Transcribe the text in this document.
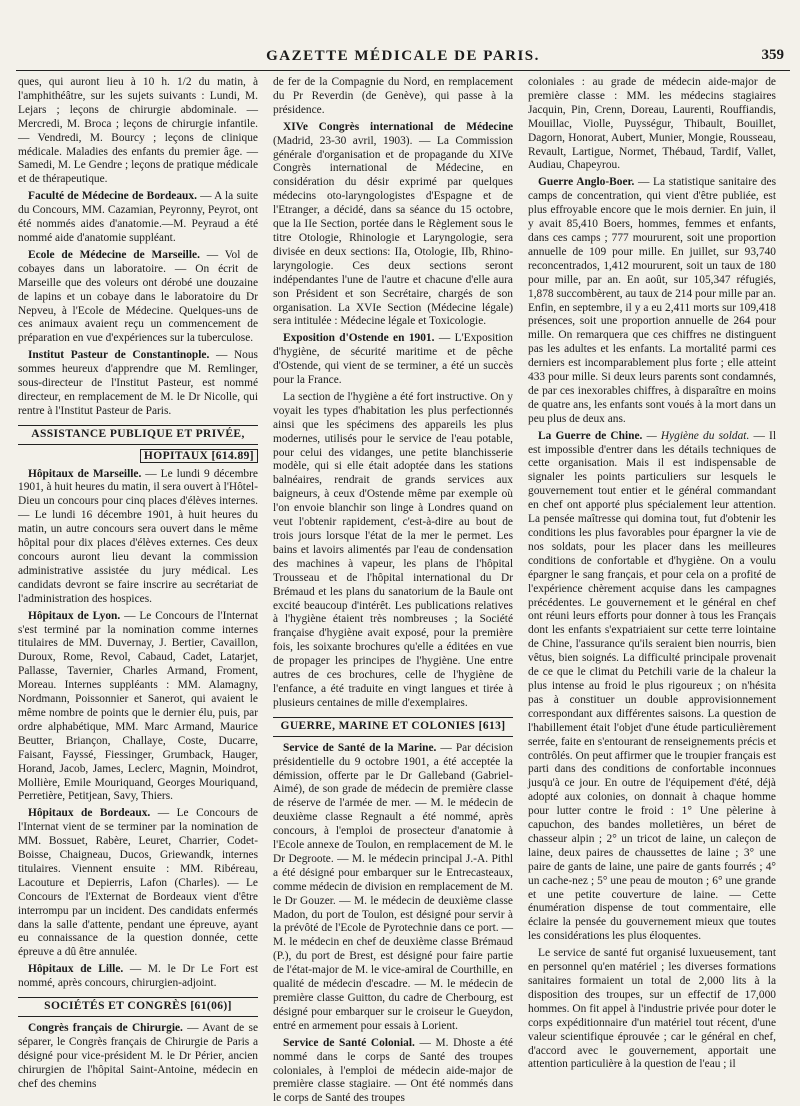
GAZETTE MÉDICALE DE PARIS.	359

ques, qui auront lieu à 10 h. 1/2 du matin, à l'amphithéâtre, sur les sujets suivants : Lundi, M. Lejars ; leçons de chirurgie abdominale. — Mercredi, M. Broca ; leçons de chirurgie infantile. — Vendredi, M. Bourcy ; leçons de clinique médicale. Maladies des enfants du premier âge. — Samedi, M. Le Gendre ; leçons de pratique médicale et de thérapeutique.

Faculté de Médecine de Bordeaux. — A la suite du Concours, MM. Cazamian, Peyronny, Peyrot, ont été nommés aides d'anatomie.—M. Peyraud a été nommé aide d'anatomie suppléant.

Ecole de Médecine de Marseille. — Vol de cobayes dans un laboratoire. — On écrit de Marseille que des voleurs ont dérobé une douzaine de lapins et un cobaye dans le laboratoire du Dr Nepveu, à l'Ecole de Médecine. Quelques-uns de ces animaux avaient reçu un commencement de préparation en vue d'expériences sur la tuberculose.

Institut Pasteur de Constantinople. — Nous sommes heureux d'apprendre que M. Remlinger, sous-directeur de l'Institut Pasteur, est nommé directeur, en remplacement de M. le Dr Nicolle, qui rentre à l'Institut Pasteur de Paris.

ASSISTANCE PUBLIQUE ET PRIVÉE,
HOPITAUX [614.89]

Hôpitaux de Marseille. — Le lundi 9 décembre 1901, à huit heures du matin, il sera ouvert à l'Hôtel-Dieu un concours pour cinq places d'élèves internes. — Le lundi 16 décembre 1901, à huit heures du matin, un autre concours sera ouvert dans le même hôpital pour dix places d'élèves externes. Ces deux concours auront lieu devant la commission administrative assistée du jury médical. Les candidats devront se faire inscrire au secrétariat de l'administration des hospices.

Hôpitaux de Lyon. — Le Concours de l'Internat s'est terminé par la nomination comme internes titulaires de MM. Duvernay, J. Bertier, Cavaillon, Duroux, Rome, Revol, Cabaud, Cadet, Latarjet, Pallasse, Tavernier, Charles Armand, Froment, Moreau. Internes suppléants : MM. Alamagny, Nordmann, Poissonnier et Sanerot, qui avaient le même nombre de points que le dernier élu, puis, par ordre alphabétique, MM. Marc Armand, Maurice Beutter, Briançon, Challaye, Coste, Ducarre, Faisant, Fayssé, Fiessinger, Grumback, Hauger, Horand, Jacob, James, Leclerc, Magnin, Moindrot, Mollière, Emile Mouriquand, Georges Mouriquand, Perretière, Petitjean, Savy, Thiers.

Hôpitaux de Bordeaux. — Le Concours de l'Internat vient de se terminer par la nomination de MM. Bossuet, Rabère, Leuret, Charrier, Codet-Boisse, Chaigneau, Ducos, Griewandk, internes titulaires. Viennent ensuite : MM. Ribéreau, Lacouture et Depierris, Lafon (Charles). — Le Concours de l'Externat de Bordeaux vient d'être interrompu par un incident. Des candidats enfermés dans la salle d'attente, pendant une épreuve, ayant eu connaissance de la question donnée, cette épreuve a dû être annulée.

Hôpitaux de Lille. — M. le Dr Le Fort est nommé, après concours, chirurgien-adjoint.

SOCIÉTÉS ET CONGRÈS [61(06)]

Congrès français de Chirurgie. — Avant de se séparer, le Congrès français de Chirurgie de Paris a désigné pour vice-président M. le Dr Périer, ancien chirurgien de l'hôpital Saint-Antoine, médecin en chef des chemins

de fer de la Compagnie du Nord, en remplacement du Pr Reverdin (de Genève), qui passe à la présidence.

XIVe Congrès international de Médecine (Madrid, 23-30 avril, 1903). — La Commission générale d'organisation et de propagande du XIVe Congrès international de Médecine, en considération du désir exprimé par quelques médecins oto-laryngologistes d'Espagne et de l'Etranger, a décidé, dans sa séance du 15 octobre, que la IIe Section, portée dans le Règlement sous le titre Otologie, Rhinologie et Laryngologie, sera divisée en deux sections: IIa, Otologie, IIb, Rhino-laryngologie. Ces deux sections seront indépendantes l'une de l'autre et chacune d'elle aura son Président et son Secrétaire, chargés de son organisation. La XVIe Section (Médecine légale) sera intitulée : Médecine légale et Toxicologie.

Exposition d'Ostende en 1901. — L'Exposition d'hygiène, de sécurité maritime et de pêche d'Ostende, qui vient de se terminer, a été un succès pour la France.

La section de l'hygiène a été fort instructive. On y voyait les types d'habitation les plus perfectionnés ainsi que les spécimens des appareils les plus modernes, utilisés pour le service de l'eau potable, pour celui des vidanges, une petite blanchisserie modèle, qui si elle était adoptée dans les stations balnéaires, rendrait de grands services aux baigneurs, à ceux d'Ostende même par exemple où l'on envoie blanchir son linge à Londres quand on veut l'obtenir rapidement, c'est-à-dire au bout de trois jours lorsque l'état de la mer le permet. Les bains et lavoirs alimentés par l'eau de condensation des machines à vapeur, les plans de l'hôpital Trousseau et de l'hôpital international du Dr Brémaud et les plans du sanatorium de la Baule ont excité beaucoup d'intérêt. Les publications relatives à l'hygiène étaient très nombreuses ; la Société française d'hygiène avait exposé, pour la première fois, les soixante brochures qu'elle a éditées en vue de propager les principes de l'hygiène. Une entre autres de ces brochures, celle de l'hygiène de l'enfance, a été traduite en vingt langues et tirée à plusieurs centaines de mille d'exemplaires.

GUERRE, MARINE ET COLONIES [613]

Service de Santé de la Marine. — Par décision présidentielle du 9 octobre 1901, a été acceptée la démission, offerte par le Dr Galleband (Gabriel-Aimé), de son grade de médecin de première classe de réserve de l'armée de mer. — M. le médecin de deuxième classe Regnault a été nommé, après concours, à l'emploi de prosecteur d'anatomie à l'Ecole annexe de Toulon, en remplacement de M. le Dr Degroote. — M. le médecin principal J.-A. Pithl a été désigné pour embarquer sur le Entrecasteaux, comme médecin de division en remplacement de M. le Dr Gouzer. — M. le médecin de deuxième classe Madon, du port de Toulon, est désigné pour servir à la prévôté de l'Ecole de Pyrotechnie dans ce port. — M. le médecin en chef de deuxième classe Brémaud (P.), du port de Brest, est désigné pour faire partie de l'état-major de M. le vice-amiral de Courthille, en qualité de médecin d'escadre. — M. le médecin de première classe Guitton, du cadre de Cherbourg, est désigné pour embarquer sur le croiseur le Gueydon, entré en armement pour essais à Lorient.

Service de Santé Colonial. — M. Dhoste a été nommé dans le corps de Santé des troupes coloniales, à l'emploi de médecin aide-major de première classe stagiaire. — Ont été nommés dans le corps de Santé des troupes

coloniales : au grade de médecin aide-major de première classe : MM. les médecins stagiaires Jacquin, Pin, Crenn, Doreau, Laurenti, Rouffiandis, Mouillac, Violle, Puysségur, Thibault, Bouillet, Dagorn, Honorat, Aubert, Munier, Mongie, Rousseau, Revault, Lartigue, Normet, Thébaud, Tardif, Vallet, Audiau, Chapeyrou.

Guerre Anglo-Boer. — La statistique sanitaire des camps de concentration, qui vient d'être publiée, est plus effroyable encore que le mois dernier. En juin, il y avait 85,410 Boers, hommes, femmes et enfants, dans ces camps ; 777 moururent, soit une proportion annuelle de 109 pour mille. En juillet, sur 93,740 reconcentrados, 1,412 moururent, soit un taux de 180 pour mille, par an. En août, sur 105,347 réfugiés, 1,878 succombèrent, au taux de 214 pour mille par an. Enfin, en septembre, il y a eu 2,411 morts sur 109,418 présences, soit une proportion annuelle de 264 pour mille. On remarquera que ces chiffres ne distinguent pas les adultes et les enfants. La mortalité parmi ces derniers est incomparablement plus forte ; elle atteint 433 pour mille. Si deux leurs parents sont condamnés, de par ces inexorables chiffres, à disparaître en moins de quatre ans, les enfants sont voués à la mort dans un peu plus de deux ans.

La Guerre de Chine. — Hygiène du soldat. — Il est impossible d'entrer dans les détails techniques de cette organisation. Mais il est indispensable de signaler les points particuliers sur lesquels le gouvernement tout entier et le général commandant en chef ont apporté plus spécialement leur attention. La pensée maîtresse qui domina tout, fut d'obtenir les conditions les plus favorables pour épargner la vie de nos soldats, pour les placer dans les meilleures conditions de confortable et d'hygiène. On a voulu épargner le sang français, et pour cela on a profité de l'expérience chèrement acquise dans les campagnes précédentes. Le gouvernement et le général en chef ont réuni leurs efforts pour donner à tous les Français dont les enfants s'expatriaient sur cette terre lointaine de Chine, l'assurance qu'ils seraient bien nourris, bien vêtus, bien soignés. La difficulté principale provenait de ce que le climat du Petchili varie de la chaleur la plus intense au froid le plus rigoureux ; on n'hésita pas à constituer un double approvisionnement correspondant aux différentes saisons. La question de l'habillement était l'objet d'une étude particulièrement serrée, faite en s'entourant de renseignements précis et contrôlés. On peut affirmer que le troupier français est parti dans des conditions de confortable inconnues jusqu'à ce jour. En outre de l'équipement d'été, déjà adopté aux colonies, on donnait à chaque homme pour lutter contre le froid : 1° Une pèlerine à capuchon, des bandes molletières, un béret de chasseur alpin ; 2° un tricot de laine, un caleçon de laine, deux paires de chaussettes de laine ; 3° une paire de gants de laine, une paire de gants fourrés ; 4° un cache-nez ; 5° une peau de mouton ; 6° une grande et une petite couverture de laine. — Cette énumération dispense de tout commentaire, elle éclaire la pensée du gouvernement mieux que toutes les considérations les plus éloquentes.

Le service de santé fut organisé luxueusement, tant en personnel qu'en matériel ; les diverses formations sanitaires formaient un total de 2,000 lits à la disposition des troupes, sur un effectif de 17,000 hommes. On fit appel à l'industrie privée pour doter le corps expéditionnaire d'un matériel tout récent, d'une valeur scientifique éprouvée ; car le général en chef, d'accord avec le gouvernement, apportait une attention particulière à la question de l'eau ; il
